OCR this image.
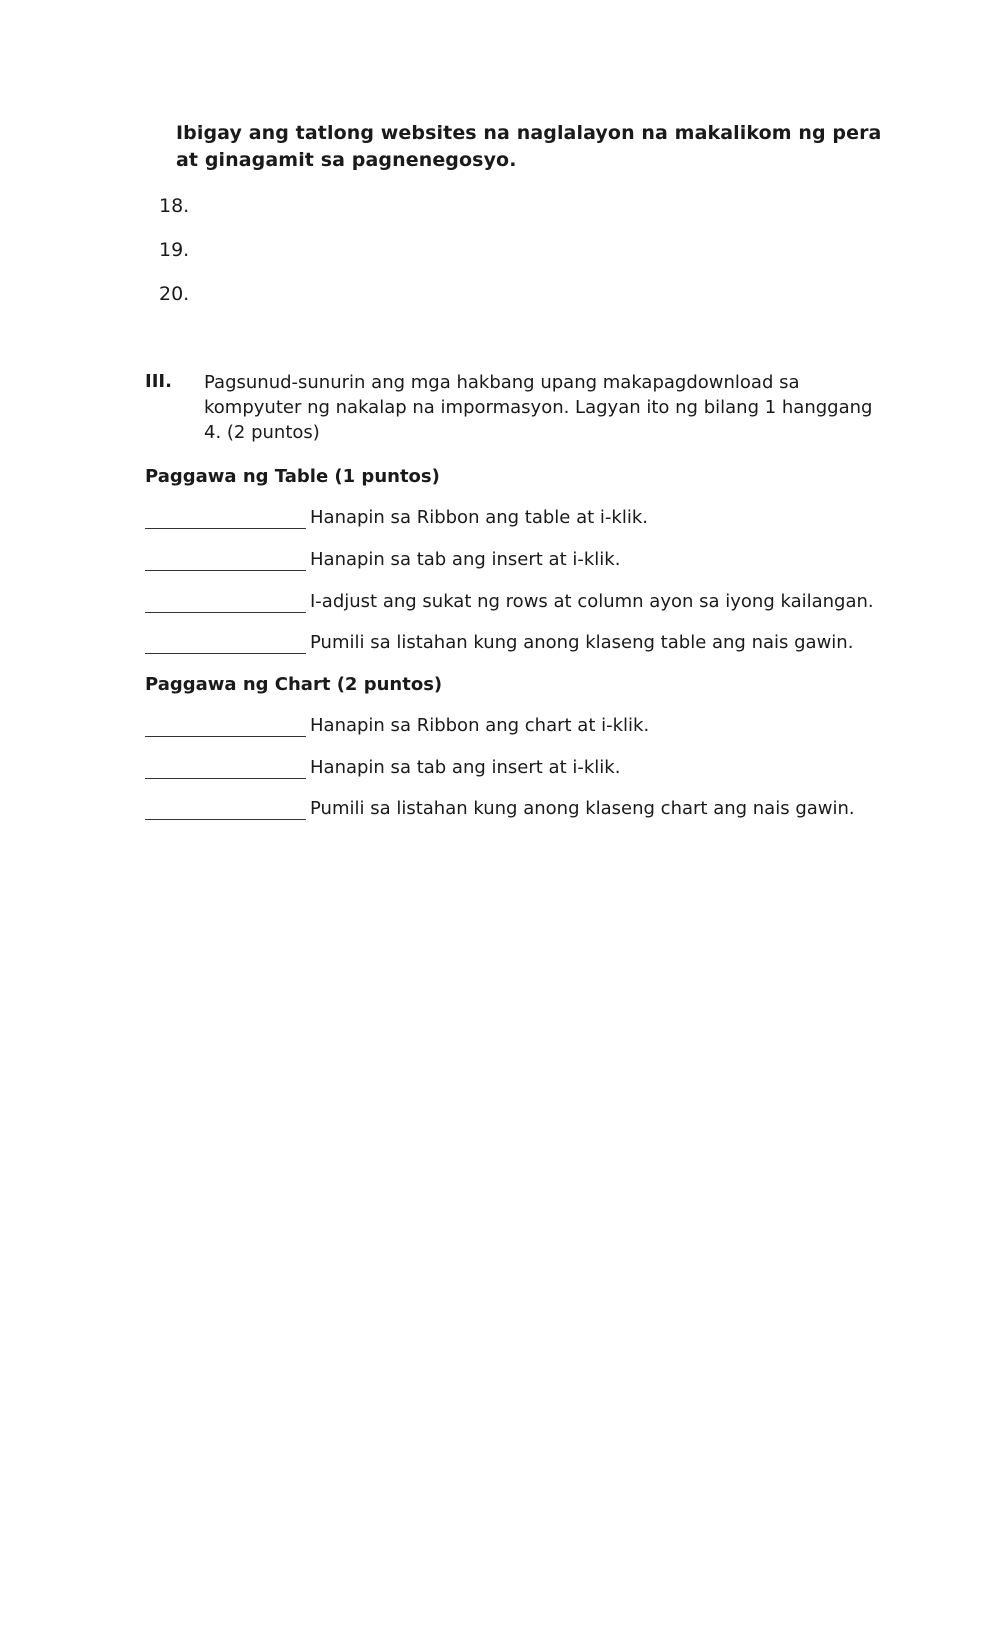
Ibigay ang tatlong websites na naglalayon na makalikom ng pera at ginagamit sa pagnenegosyo.
18.
19.
20.
III. Pagsunud-sunurin ang mga hakbang upang makapagdownload sa kompyuter ng nakalap na impormasyon. Lagyan ito ng bilang 1 hanggang 4. (2 puntos)
Paggawa ng Table (1 puntos)
Hanapin sa Ribbon ang table at i-klik.
Hanapin sa tab ang insert at i-klik.
I-adjust ang sukat ng rows at column ayon sa iyong kailangan.
Pumili sa listahan kung anong klaseng table ang nais gawin.
Paggawa ng Chart (2 puntos)
Hanapin sa Ribbon ang chart at i-klik.
Hanapin sa tab ang insert at i-klik.
Pumili sa listahan kung anong klaseng chart ang nais gawin.
